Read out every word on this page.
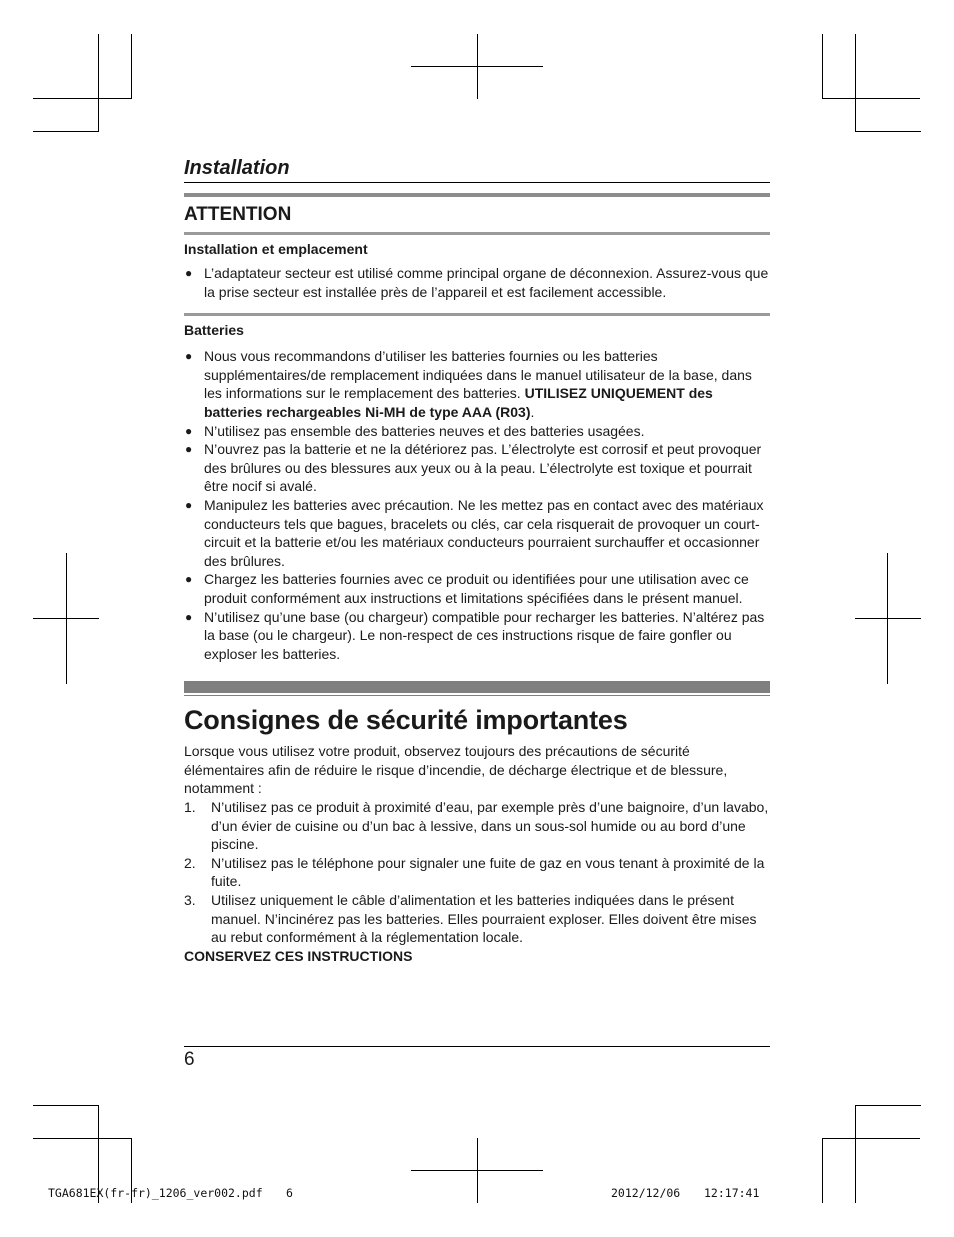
Installation
ATTENTION

Installation et emplacement

● L’adaptateur secteur est utilisé comme principal organe de déconnexion. Assurez-vous que la prise secteur est installée près de l’appareil et est facilement accessible.

Batteries

● Nous vous recommandons d’utiliser les batteries fournies ou les batteries supplémentaires/de remplacement indiquées dans le manuel utilisateur de la base, dans les informations sur le remplacement des batteries. UTILISEZ UNIQUEMENT des batteries rechargeables Ni-MH de type AAA (R03).
● N’utilisez pas ensemble des batteries neuves et des batteries usagées.
● N’ouvrez pas la batterie et ne la détériorez pas. L’électrolyte est corrosif et peut provoquer des brûlures ou des blessures aux yeux ou à la peau. L’électrolyte est toxique et pourrait être nocif si avalé.
● Manipulez les batteries avec précaution. Ne les mettez pas en contact avec des matériaux conducteurs tels que bagues, bracelets ou clés, car cela risquerait de provoquer un court-circuit et la batterie et/ou les matériaux conducteurs pourraient surchauffer et occasionner des brûlures.
● Chargez les batteries fournies avec ce produit ou identifiées pour une utilisation avec ce produit conformément aux instructions et limitations spécifiées dans le présent manuel.
● N’utilisez qu’une base (ou chargeur) compatible pour recharger les batteries. N’altérez pas la base (ou le chargeur). Le non-respect de ces instructions risque de faire gonfler ou exploser les batteries.
Consignes de sécurité importantes

Lorsque vous utilisez votre produit, observez toujours des précautions de sécurité élémentaires afin de réduire le risque d’incendie, de décharge électrique et de blessure, notamment :

1. N’utilisez pas ce produit à proximité d’eau, par exemple près d’une baignoire, d’un lavabo, d’un évier de cuisine ou d’un bac à lessive, dans un sous-sol humide ou au bord d’une piscine.
2. N’utilisez pas le téléphone pour signaler une fuite de gaz en vous tenant à proximité de la fuite.
3. Utilisez uniquement le câble d’alimentation et les batteries indiquées dans le présent manuel. N’incinérez pas les batteries. Elles pourraient exploser. Elles doivent être mises au rebut conformément à la réglementation locale.

CONSERVEZ CES INSTRUCTIONS

6
TGA681EX(fr-fr)_1206_ver002.pdf 6	2012/12/06 12:17:41
